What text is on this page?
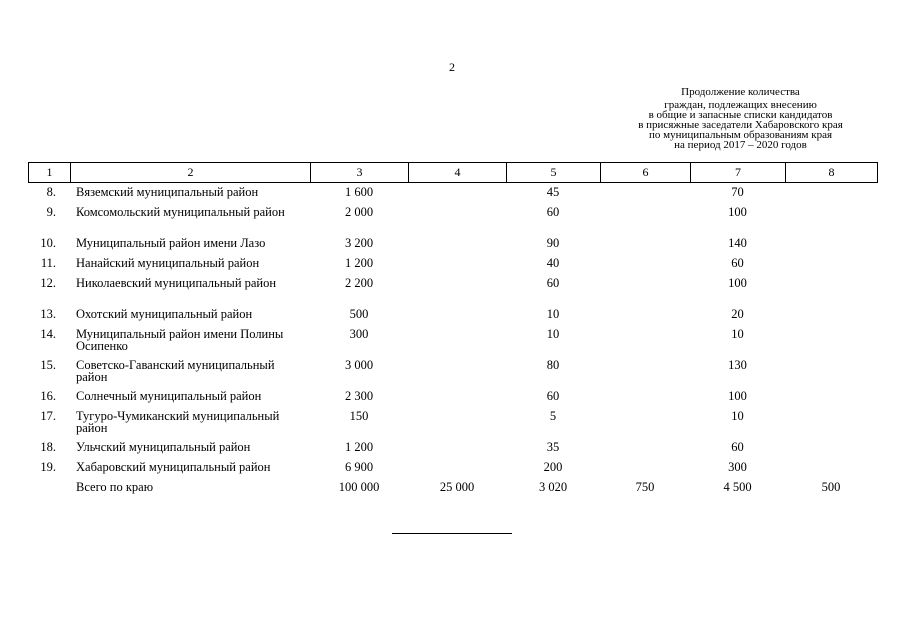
2
Продолжение количества
граждан, подлежащих внесению
в общие и запасные списки кандидатов
в присяжные заседатели Хабаровского края
по муниципальным образованиям края
на период 2017 – 2020 годов
1	2	3	4	5	6	7	8
8.	Вяземский муниципальный район	1 600		45		70	
9.	Комсомольский муниципальный район	2 000		60		100	
10.	Муниципальный район имени Лазо	3 200		90		140	
11.	Нанайский муниципальный район	1 200		40		60	
12.	Николаевский муниципальный район	2 200		60		100	
13.	Охотский муниципальный район	500		10		20	
14.	Муниципальный район имени Полины Осипенко	300		10		10	
15.	Советско-Гаванский муниципальный район	3 000		80		130	
16.	Солнечный муниципальный район	2 300		60		100	
17.	Тугуро-Чумиканский муниципальный район	150		5		10	
18.	Ульчский муниципальный район	1 200		35		60	
19.	Хабаровский муниципальный район	6 900		200		300	
	Всего по краю	100 000	25 000	3 020	750	4 500	500
